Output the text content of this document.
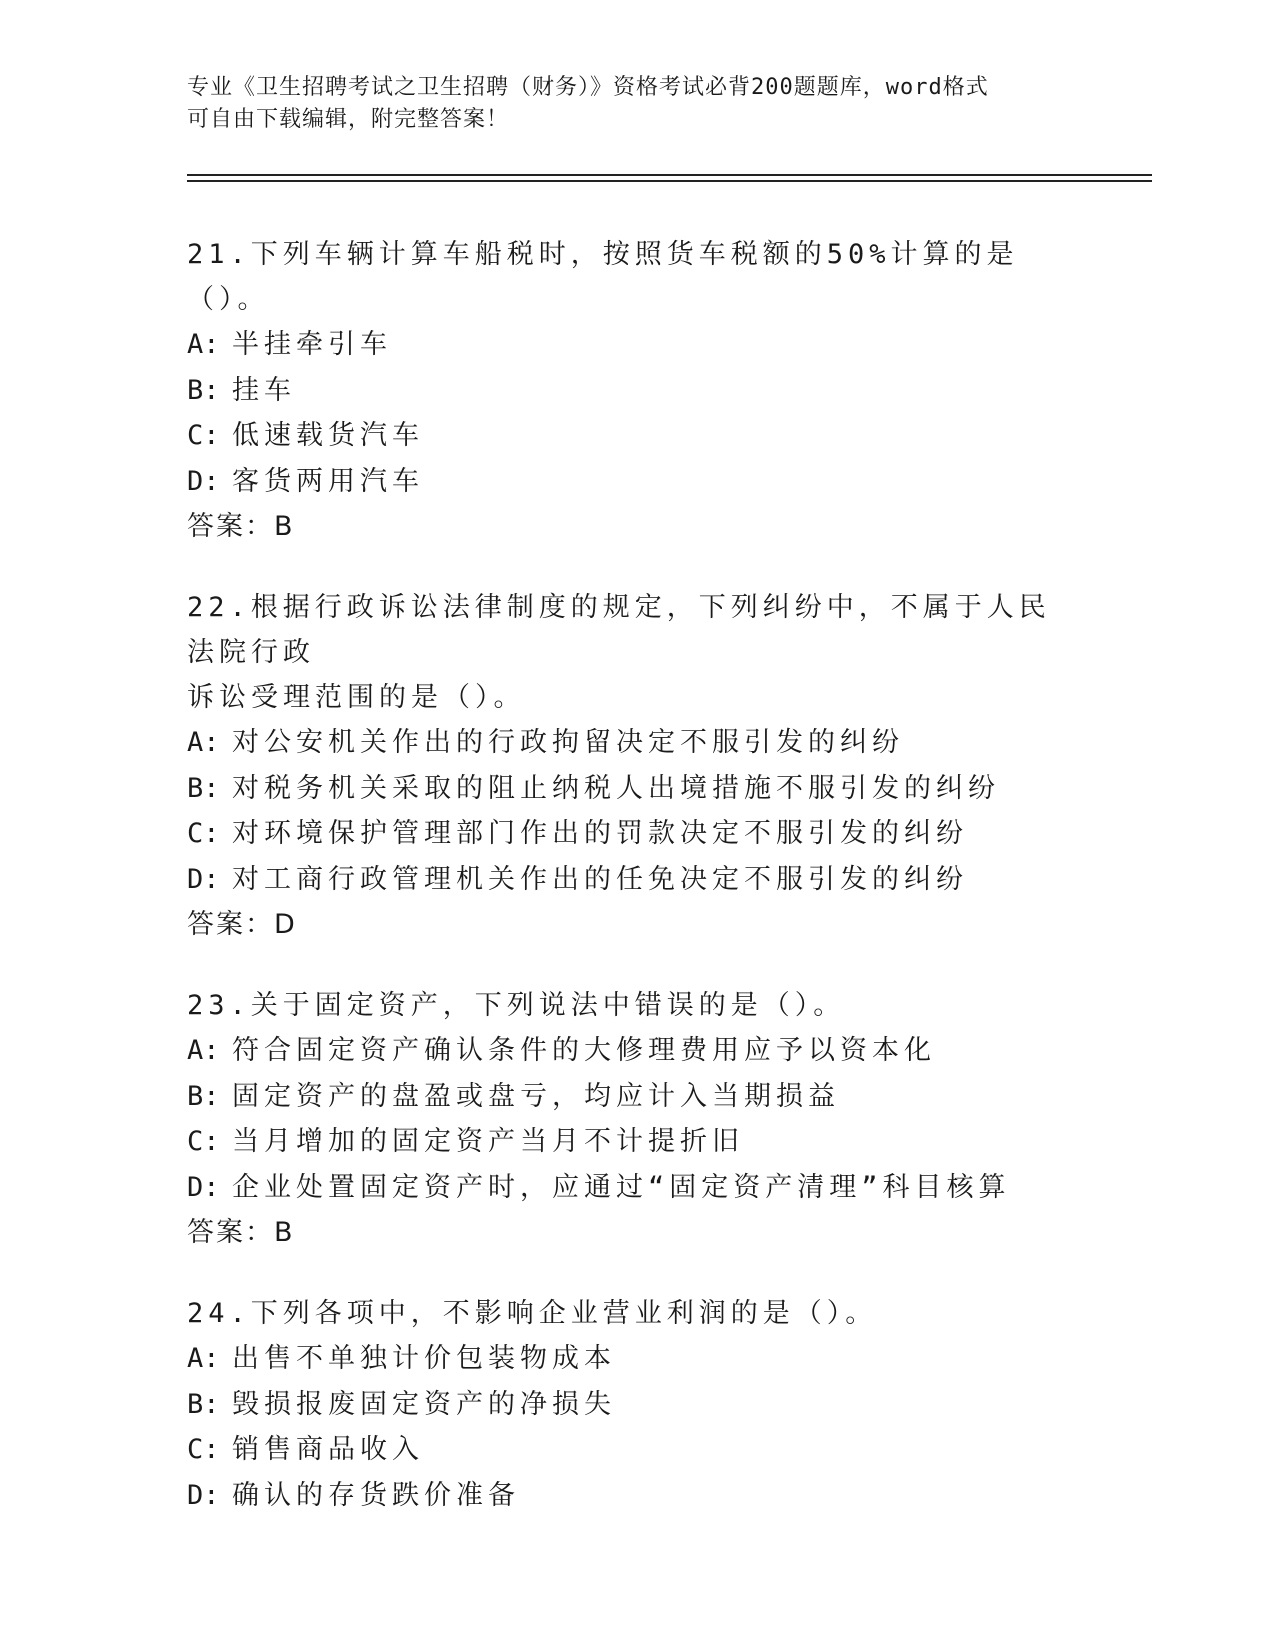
专业《卫生招聘考试之卫生招聘（财务）》资格考试必背200题题库，word格式
可自由下载编辑，附完整答案！
21.下列车辆计算车船税时，按照货车税额的50%计算的是（）。
A: 半挂牵引车
B: 挂车
C: 低速载货汽车
D: 客货两用汽车
答案：B
22.根据行政诉讼法律制度的规定，下列纠纷中，不属于人民法院行政
诉讼受理范围的是（）。
A: 对公安机关作出的行政拘留决定不服引发的纠纷
B: 对税务机关采取的阻止纳税人出境措施不服引发的纠纷
C: 对环境保护管理部门作出的罚款决定不服引发的纠纷
D: 对工商行政管理机关作出的任免决定不服引发的纠纷
答案：D
23.关于固定资产，下列说法中错误的是（）。
A: 符合固定资产确认条件的大修理费用应予以资本化
B: 固定资产的盘盈或盘亏，均应计入当期损益
C: 当月增加的固定资产当月不计提折旧
D: 企业处置固定资产时，应通过“固定资产清理”科目核算
答案：B
24.下列各项中，不影响企业营业利润的是（）。
A: 出售不单独计价包装物成本
B: 毁损报废固定资产的净损失
C: 销售商品收入
D: 确认的存货跌价准备
